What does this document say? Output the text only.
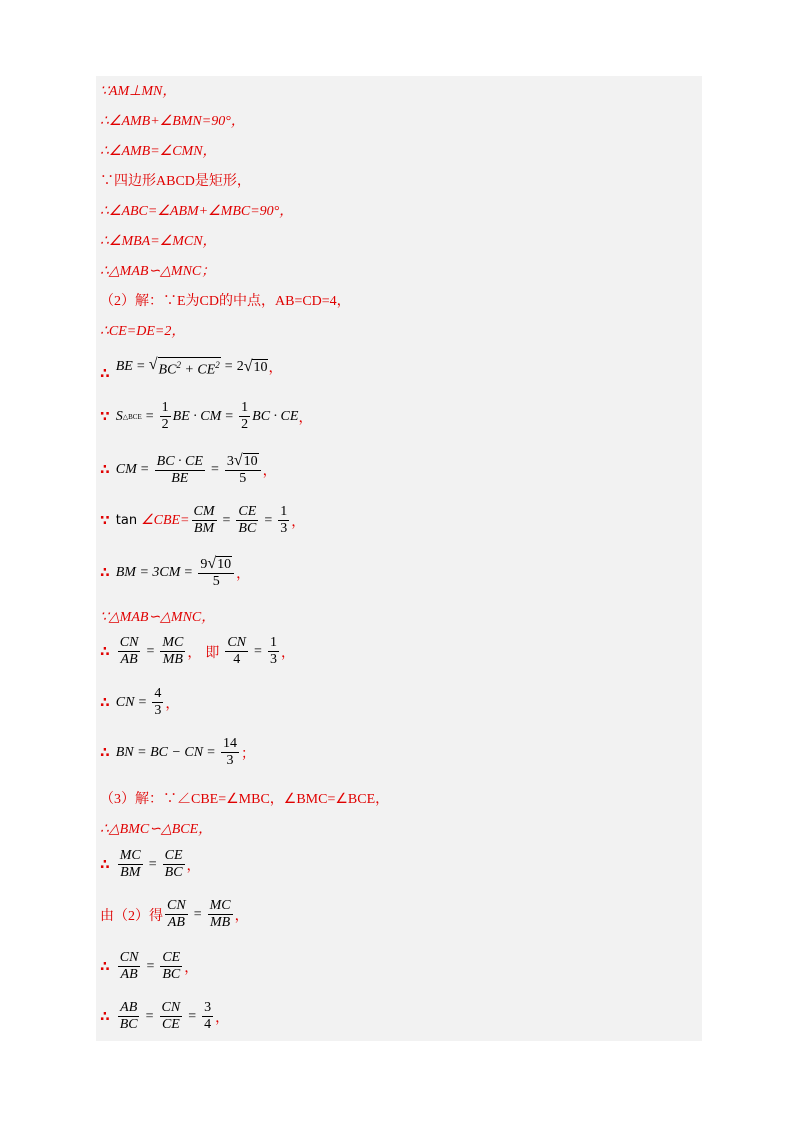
∵AM⊥MN，
∴∠AMB+∠BMN=90°，
∴∠AMB=∠CMN，
∵四边形ABCD是矩形，
∴∠ABC=∠ABM+∠MBC=90°，
∴∠MBA=∠MCN，
∴△MAB∽△MNC；
（2）解：∵E为CD的中点，AB=CD=4，
∴CE=DE=2，
∴ BE = √ $BC^2 + CE^2 = 2$ √ 10 ，
∵ S △BCE = $\frac{1}{2}$ BE · CM = $\frac{1}{2}$ BC · CE ，
∴ CM = $\frac{BC \cdot CE}{BE} = \frac{3 √ 10}{5}$ ，
∵ tan ∠CBE= $\frac{CM}{BM} = \frac{CE}{BC} = \frac{1}{3}$ ，
∴ BM = $3CM = \frac{9 √ 10}{5}$ ，
∵△MAB∽△MNC，
∴ $\frac{CN}{AB} = \frac{MC}{MB}$ ， 即 $\frac{CN}{4} = \frac{1}{3}$ ，
∴ CN = $\frac{4}{3}$ ，
∴ BN = BC − CN = $\frac{14}{3}$ ；
（3）解：∵∠CBE=∠MBC，∠BMC=∠BCE，
∴△BMC∽△BCE，
∴ $\frac{MC}{BM} = \frac{CE}{BC}$ ，
由（2）得 $\frac{CN}{AB} = \frac{MC}{MB}$ ，
∴ $\frac{CN}{AB} = \frac{CE}{BC}$ ，
∴ $\frac{AB}{BC} = \frac{CN}{CE} = \frac{3}{4}$ ，
